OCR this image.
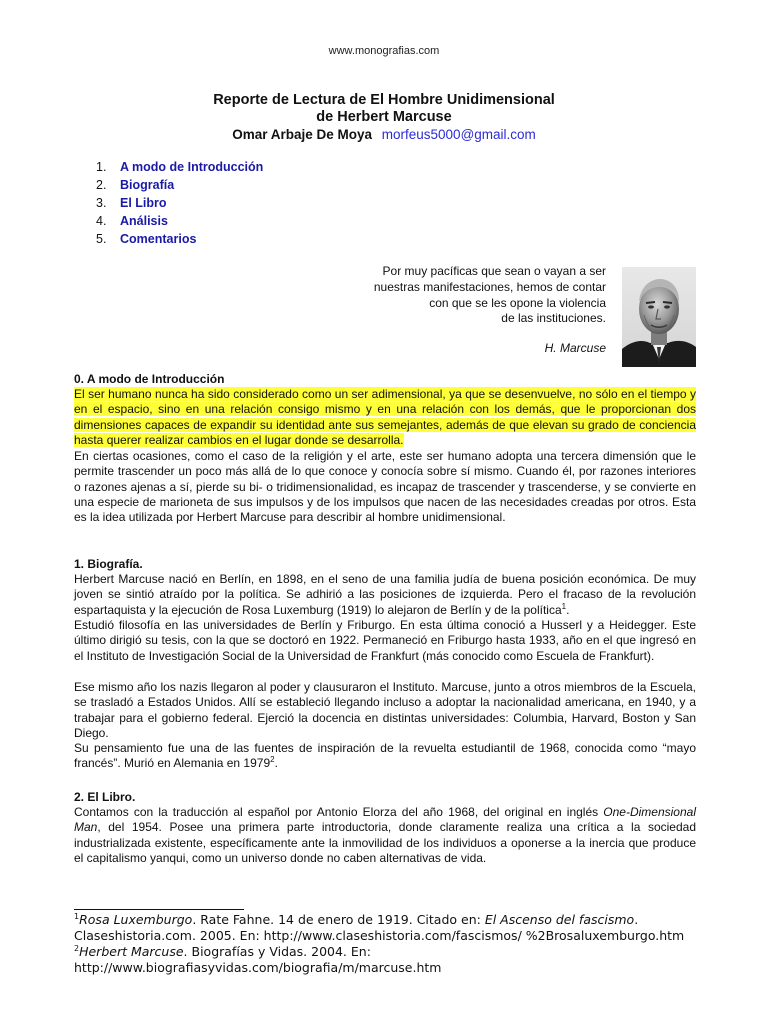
www.monografias.com
Reporte de Lectura de El Hombre Unidimensional
de Herbert Marcuse
Omar Arbaje De Moya morfeus5000@gmail.com
1. A modo de Introducción
2. Biografía
3. El Libro
4. Análisis
5. Comentarios
Por muy pacíficas que sean o vayan a ser
nuestras manifestaciones, hemos de contar
con que se les opone la violencia
de las instituciones.
H. Marcuse
0. A modo de Introducción
El ser humano nunca ha sido considerado como un ser adimensional, ya que se desenvuelve, no sólo en el tiempo y en el espacio, sino en una relación consigo mismo y en una relación con los demás, que le proporcionan dos dimensiones capaces de expandir su identidad ante sus semejantes, además de que elevan su grado de conciencia hasta querer realizar cambios en el lugar donde se desarrolla.
En ciertas ocasiones, como el caso de la religión y el arte, este ser humano adopta una tercera dimensión que le permite trascender un poco más allá de lo que conoce y conocía sobre sí mismo. Cuando él, por razones interiores o razones ajenas a sí, pierde su bi- o tridimensionalidad, es incapaz de trascender y trascenderse, y se convierte en una especie de marioneta de sus impulsos y de los impulsos que nacen de las necesidades creadas por otros. Esta es la idea utilizada por Herbert Marcuse para describir al hombre unidimensional.
1. Biografía.
Herbert Marcuse nació en Berlín, en 1898, en el seno de una familia judía de buena posición económica. De muy joven se sintió atraído por la política. Se adhirió a las posiciones de izquierda. Pero el fracaso de la revolución espartaquista y la ejecución de Rosa Luxemburg (1919) lo alejaron de Berlín y de la política$^1$.
Estudió filosofía en las universidades de Berlín y Friburgo. En esta última conoció a Husserl y a Heidegger. Este último dirigió su tesis, con la que se doctoró en 1922. Permaneció en Friburgo hasta 1933, año en el que ingresó en el Instituto de Investigación Social de la Universidad de Frankfurt (más conocido como Escuela de Frankfurt).
Ese mismo año los nazis llegaron al poder y clausuraron el Instituto. Marcuse, junto a otros miembros de la Escuela, se trasladó a Estados Unidos. Allí se estableció llegando incluso a adoptar la nacionalidad americana, en 1940, y a trabajar para el gobierno federal. Ejerció la docencia en distintas universidades: Columbia, Harvard, Boston y San Diego.
Su pensamiento fue una de las fuentes de inspiración de la revuelta estudiantil de 1968, conocida como “mayo francés”. Murió en Alemania en 1979$^2$.
2. El Libro.
Contamos con la traducción al español por Antonio Elorza del año 1968, del original en inglés One-Dimensional Man, del 1954. Posee una primera parte introductoria, donde claramente realiza una crítica a la sociedad industrializada existente, específicamente ante la inmovilidad de los individuos a oponerse a la inercia que produce el capitalismo yanqui, como un universo donde no caben alternativas de vida.

$^1$Rosa Luxemburgo. Rate Fahne. 14 de enero de 1919. Citado en: El Ascenso del fascismo. Claseshistoria.com. 2005. En: http://www.claseshistoria.com/fascismos/ %2Brosaluxemburgo.htm

$^2$Herbert Marcuse. Biografías y Vidas. 2004. En: http://www.biografiasyvidas.com/biografia/m/marcuse.htm
